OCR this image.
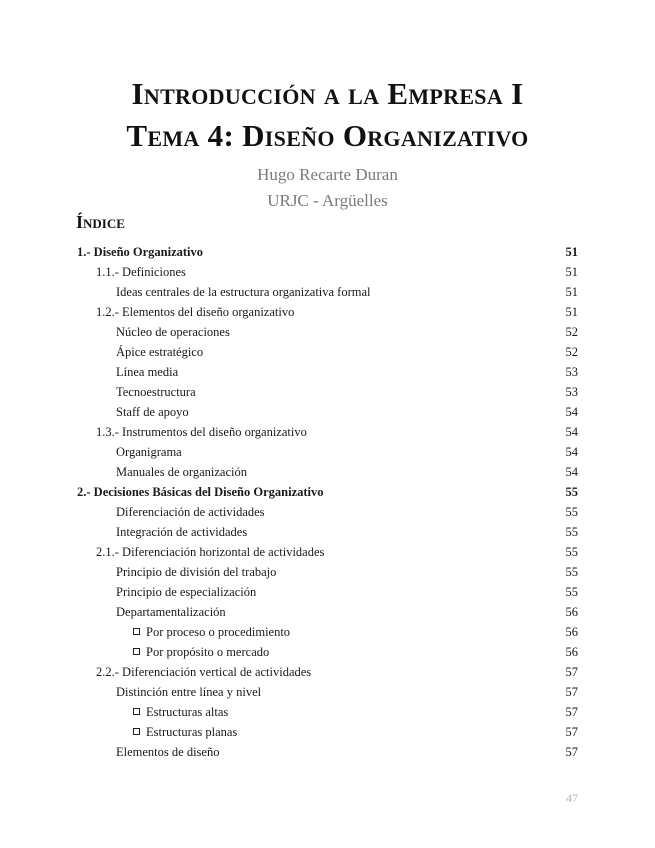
Introducción a la Empresa I
Tema 4: Diseño Organizativo
Hugo Recarte Duran
URJC - Argüelles
Índice
1.- Diseño Organizativo	51
1.1.- Definiciones	51
Ideas centrales de la estructura organizativa formal	51
1.2.- Elementos del diseño organizativo	51
Núcleo de operaciones	52
Ápice estratégico	52
Línea media	53
Tecnoestructura	53
Staff de apoyo	54
1.3.- Instrumentos del diseño organizativo	54
Organigrama	54
Manuales de organización	54
2.- Decisiones Básicas del Diseño Organizativo	55
Diferenciación de actividades	55
Integración de actividades	55
2.1.- Diferenciación horizontal de actividades	55
Principio de división del trabajo	55
Principio de especialización	55
Departamentalización	56
Por proceso o procedimiento	56
Por propósito o mercado	56
2.2.- Diferenciación vertical de actividades	57
Distinción entre línea y nivel	57
Estructuras altas	57
Estructuras planas	57
Elementos de diseño	57
47
